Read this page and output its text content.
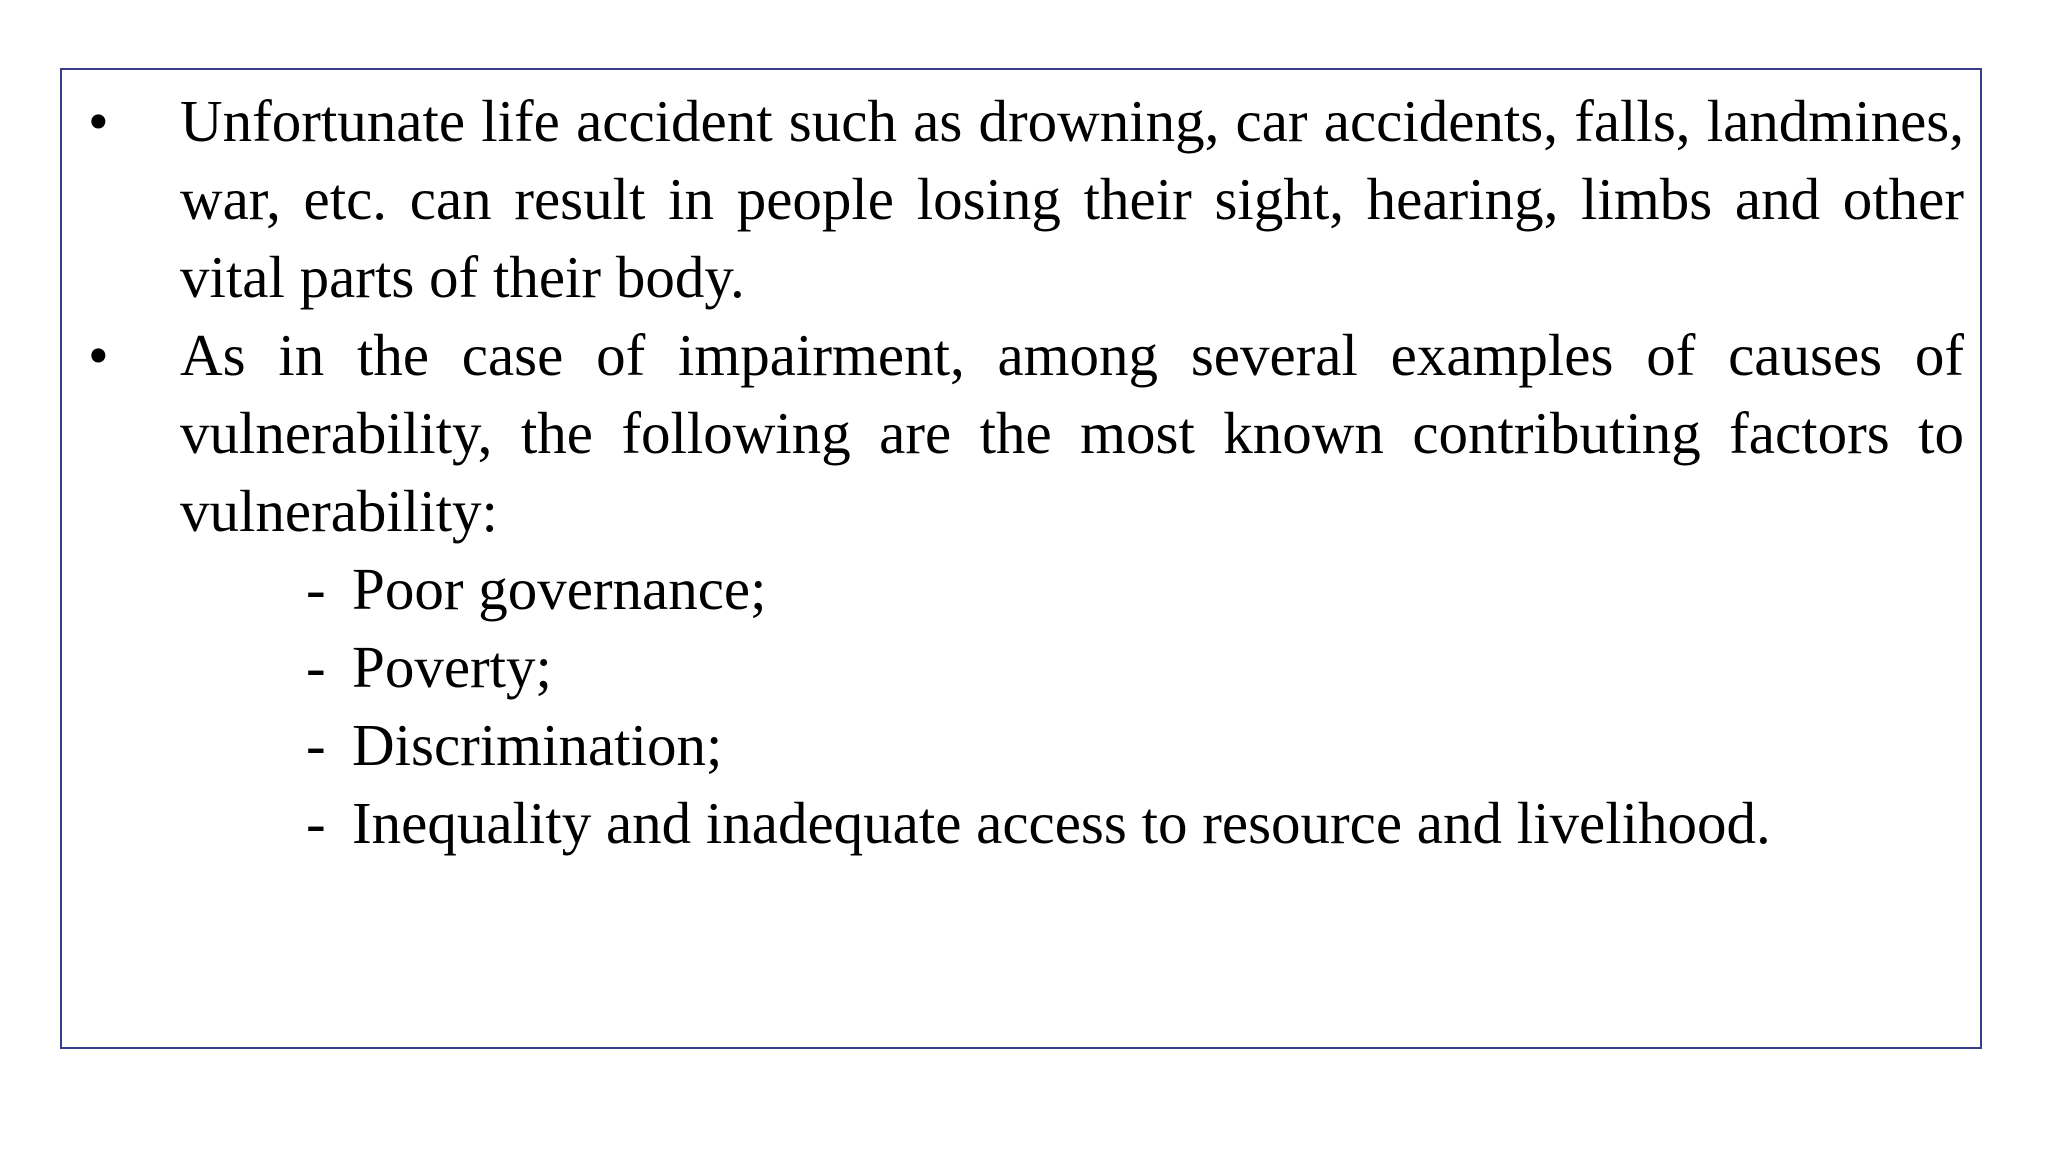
•	Unfortunate life accident such as drowning, car accidents, falls, landmines, war, etc. can result in people losing their sight, hearing, limbs and other vital parts of their body.
•	As in the case of impairment, among several examples of causes of vulnerability, the following are the most known contributing factors to vulnerability:
- Poor governance;
- Poverty;
- Discrimination;
- Inequality and inadequate access to resource and livelihood.
